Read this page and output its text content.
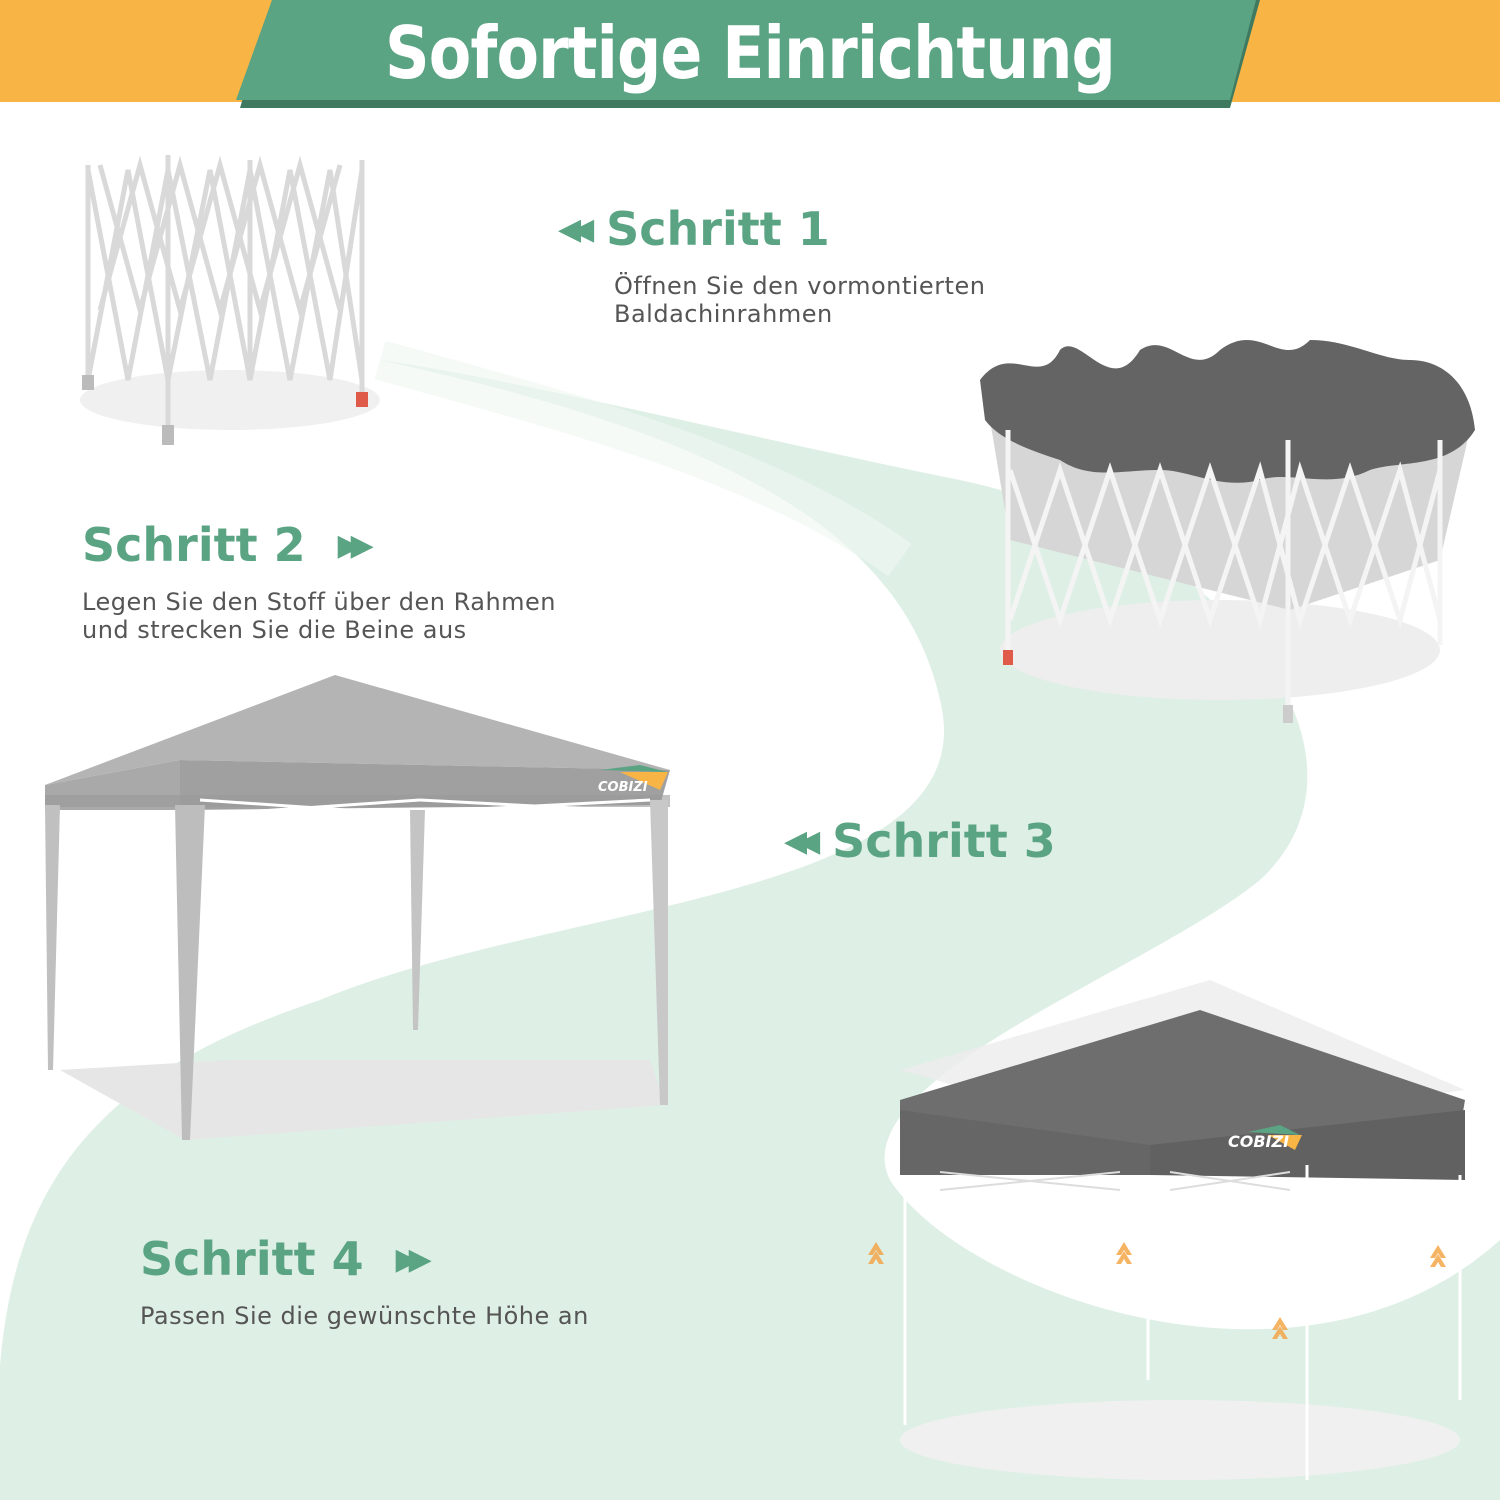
Sofortige Einrichtung
COBIZI
COBIZI
◀◀ Schritt 1
Öffnen Sie den vormontierten
Baldachinrahmen
Schritt 2 ▶▶
Legen Sie den Stoff über den Rahmen
und strecken Sie die Beine aus
◀◀ Schritt 3
Schritt 4 ▶▶
Passen Sie die gewünschte Höhe an
